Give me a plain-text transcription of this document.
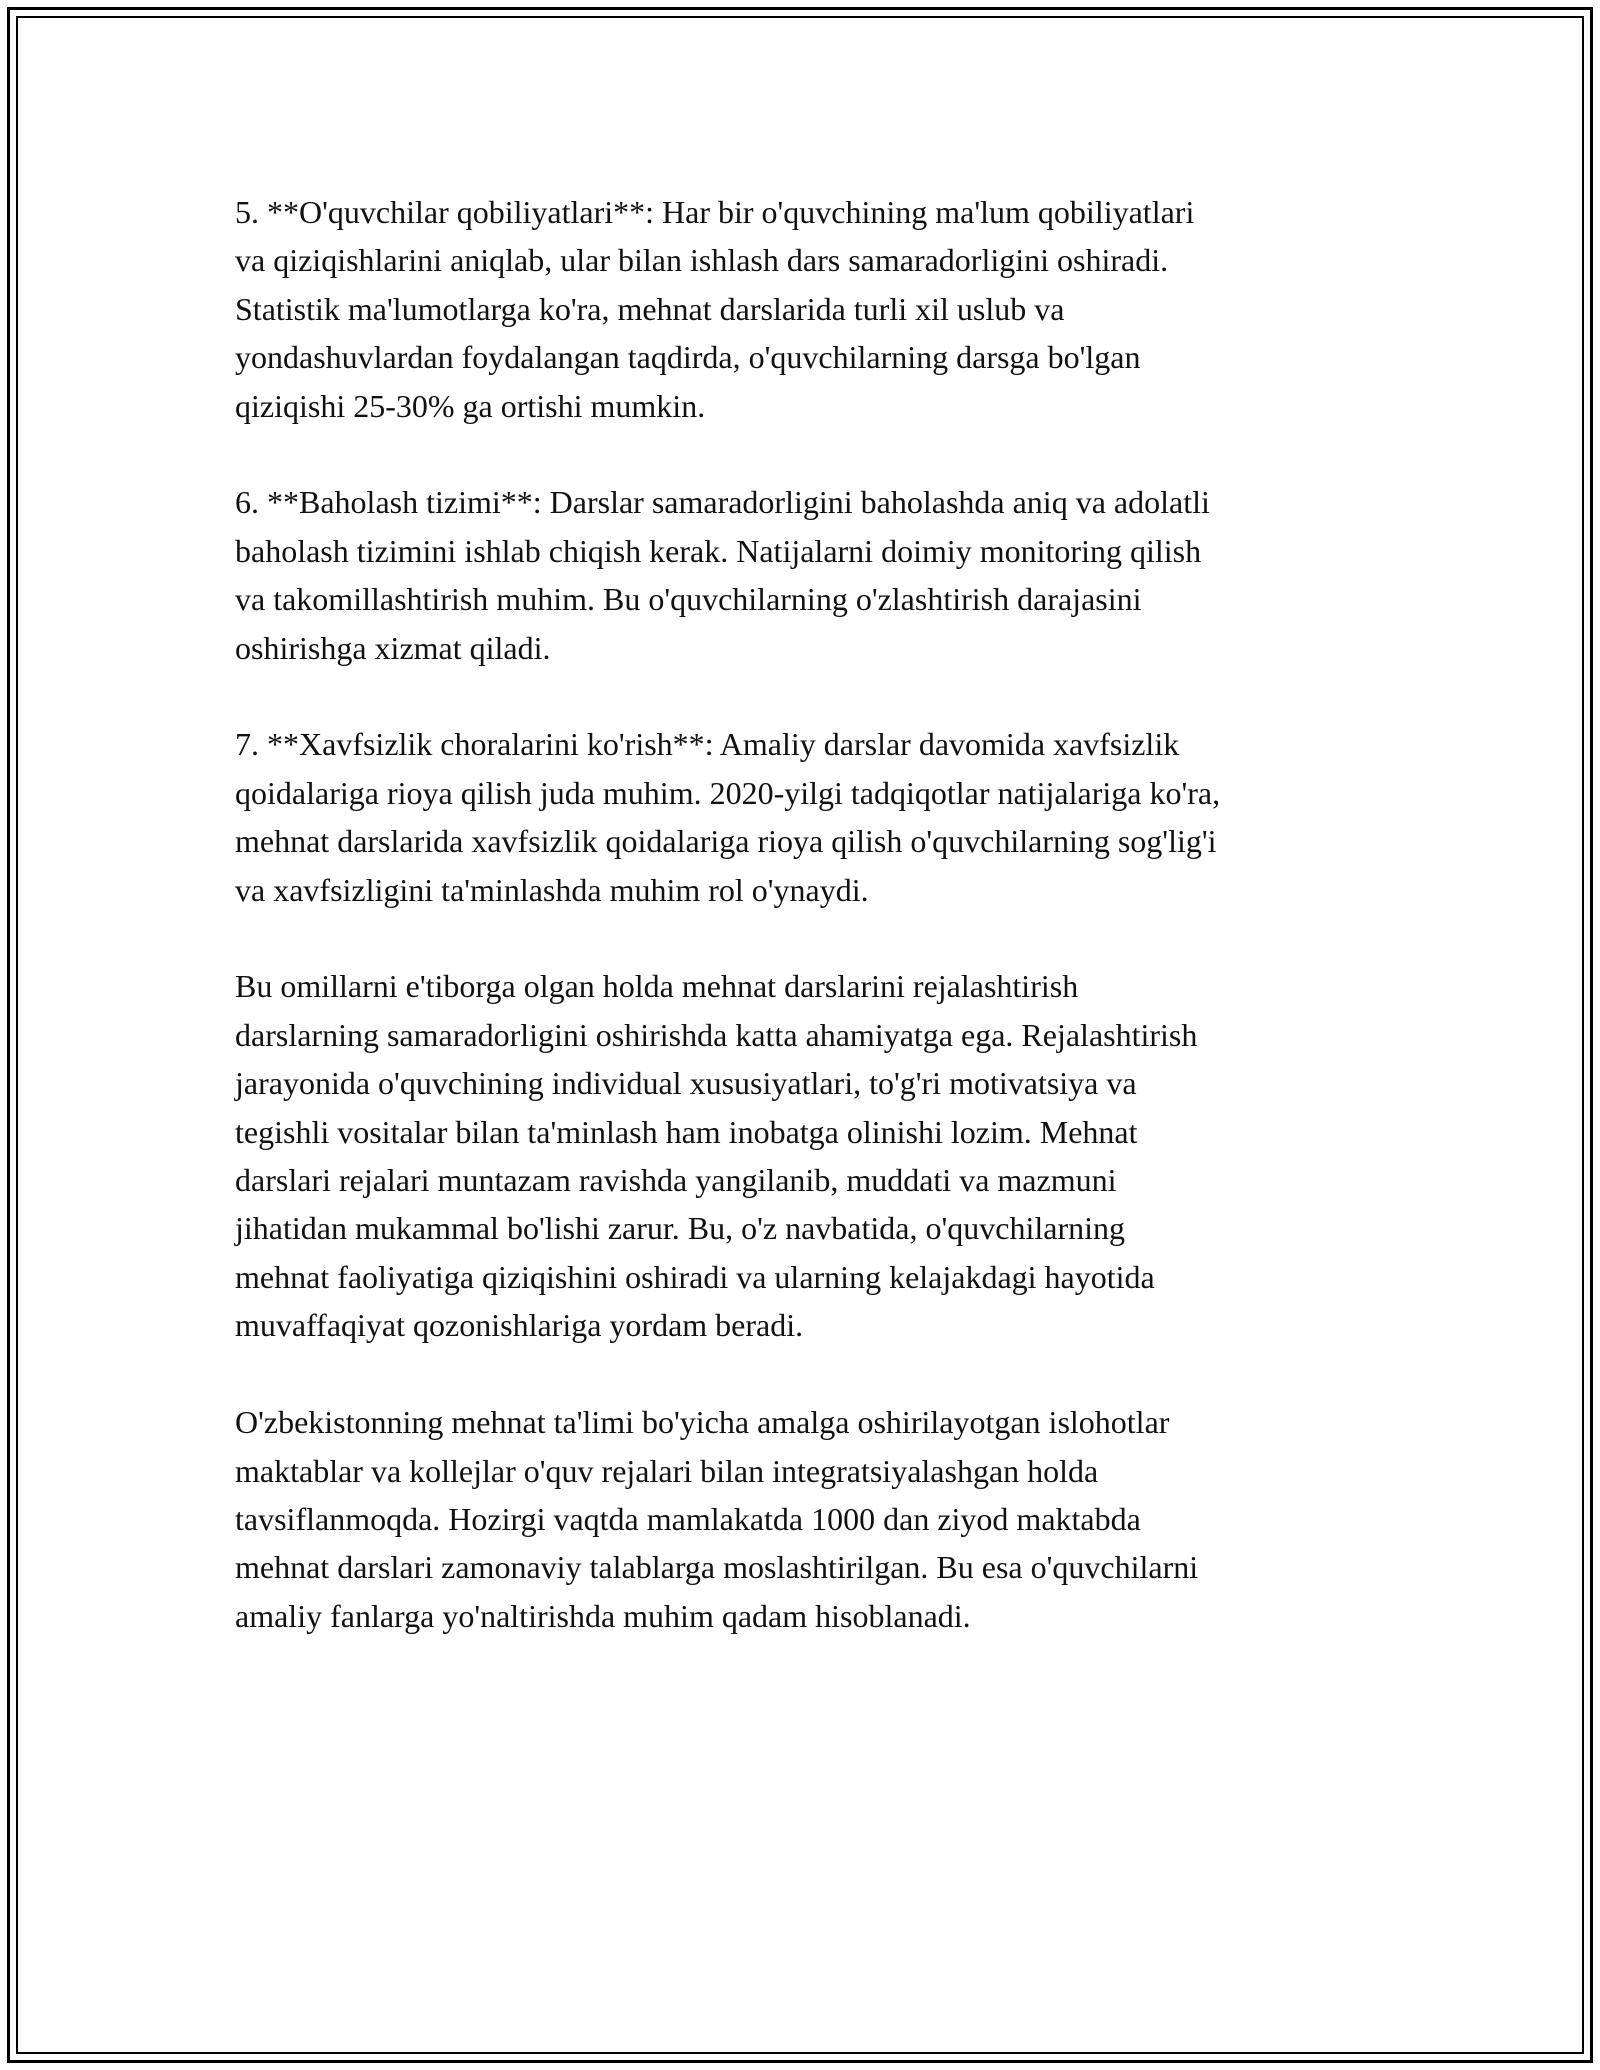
5. **O'quvchilar qobiliyatlari**: Har bir o'quvchining ma'lum qobiliyatlari
va qiziqishlarini aniqlab, ular bilan ishlash dars samaradorligini oshiradi.
Statistik ma'lumotlarga ko'ra, mehnat darslarida turli xil uslub va
yondashuvlardan foydalangan taqdirda, o'quvchilarning darsga bo'lgan
qiziqishi 25-30% ga ortishi mumkin.

6. **Baholash tizimi**: Darslar samaradorligini baholashda aniq va adolatli
baholash tizimini ishlab chiqish kerak. Natijalarni doimiy monitoring qilish
va takomillashtirish muhim. Bu o'quvchilarning o'zlashtirish darajasini
oshirishga xizmat qiladi.

7. **Xavfsizlik choralarini ko'rish**: Amaliy darslar davomida xavfsizlik
qoidalariga rioya qilish juda muhim. 2020-yilgi tadqiqotlar natijalariga ko'ra,
mehnat darslarida xavfsizlik qoidalariga rioya qilish o'quvchilarning sog'lig'i
va xavfsizligini ta'minlashda muhim rol o'ynaydi.

Bu omillarni e'tiborga olgan holda mehnat darslarini rejalashtirish
darslarning samaradorligini oshirishda katta ahamiyatga ega. Rejalashtirish
jarayonida o'quvchining individual xususiyatlari, to'g'ri motivatsiya va
tegishli vositalar bilan ta'minlash ham inobatga olinishi lozim. Mehnat
darslari rejalari muntazam ravishda yangilanib, muddati va mazmuni
jihatidan mukammal bo'lishi zarur. Bu, o'z navbatida, o'quvchilarning
mehnat faoliyatiga qiziqishini oshiradi va ularning kelajakdagi hayotida
muvaffaqiyat qozonishlariga yordam beradi.

O'zbekistonning mehnat ta'limi bo'yicha amalga oshirilayotgan islohotlar
maktablar va kollejlar o'quv rejalari bilan integratsiyalashgan holda
tavsiflanmoqda. Hozirgi vaqtda mamlakatda 1000 dan ziyod maktabda
mehnat darslari zamonaviy talablarga moslashtirilgan. Bu esa o'quvchilarni
amaliy fanlarga yo'naltirishda muhim qadam hisoblanadi.
